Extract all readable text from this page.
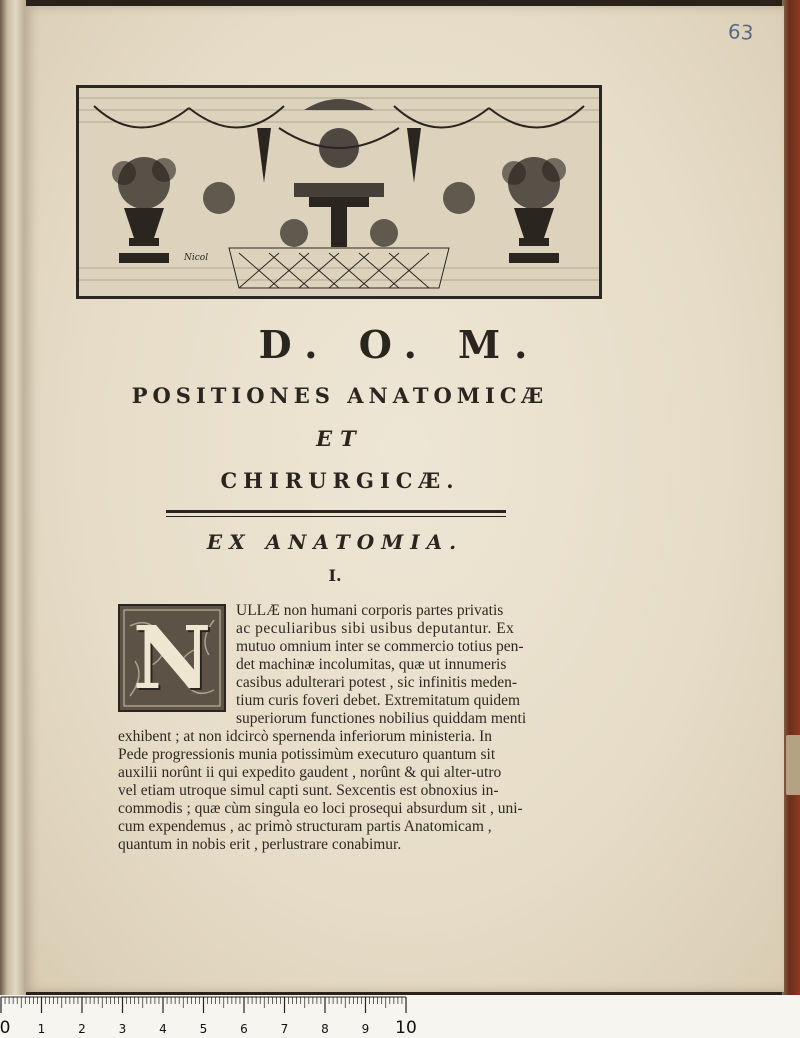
63

Nicol
D. O. M.
POSITIONES ANATOMICÆ
ET
CHIRURGICÆ.
EX ANATOMIA.

I.

N	ULLÆ non humani corporis partes privatis

ac peculiaribus sibi usibus deputantur. Ex

mutuo omnium inter se commercio totius pen-

det machinæ incolumitas, quæ ut innumeris

casibus adulterari potest , sic infinitis meden-

tium curis foveri debet. Extremitatum quidem

superiorum functiones nobilius quiddam menti

exhibent ; at non idcircò spernenda inferiorum ministeria. In

Pede progressionis munia potissimùm executuro quantum sit

auxilii norûnt ii qui expedito gaudent , norûnt & qui alter-utro

vel etiam utroque simul capti sunt. Sexcentis est obnoxius in-

commodis ; quæ cùm singula eo loci prosequi absurdum sit , uni-

cum expendemus , ac primò structuram partis Anatomicam ,

quantum in nobis erit , perlustrare conabimur.

0 1	2	3	4	5	6	7	8	9 10
